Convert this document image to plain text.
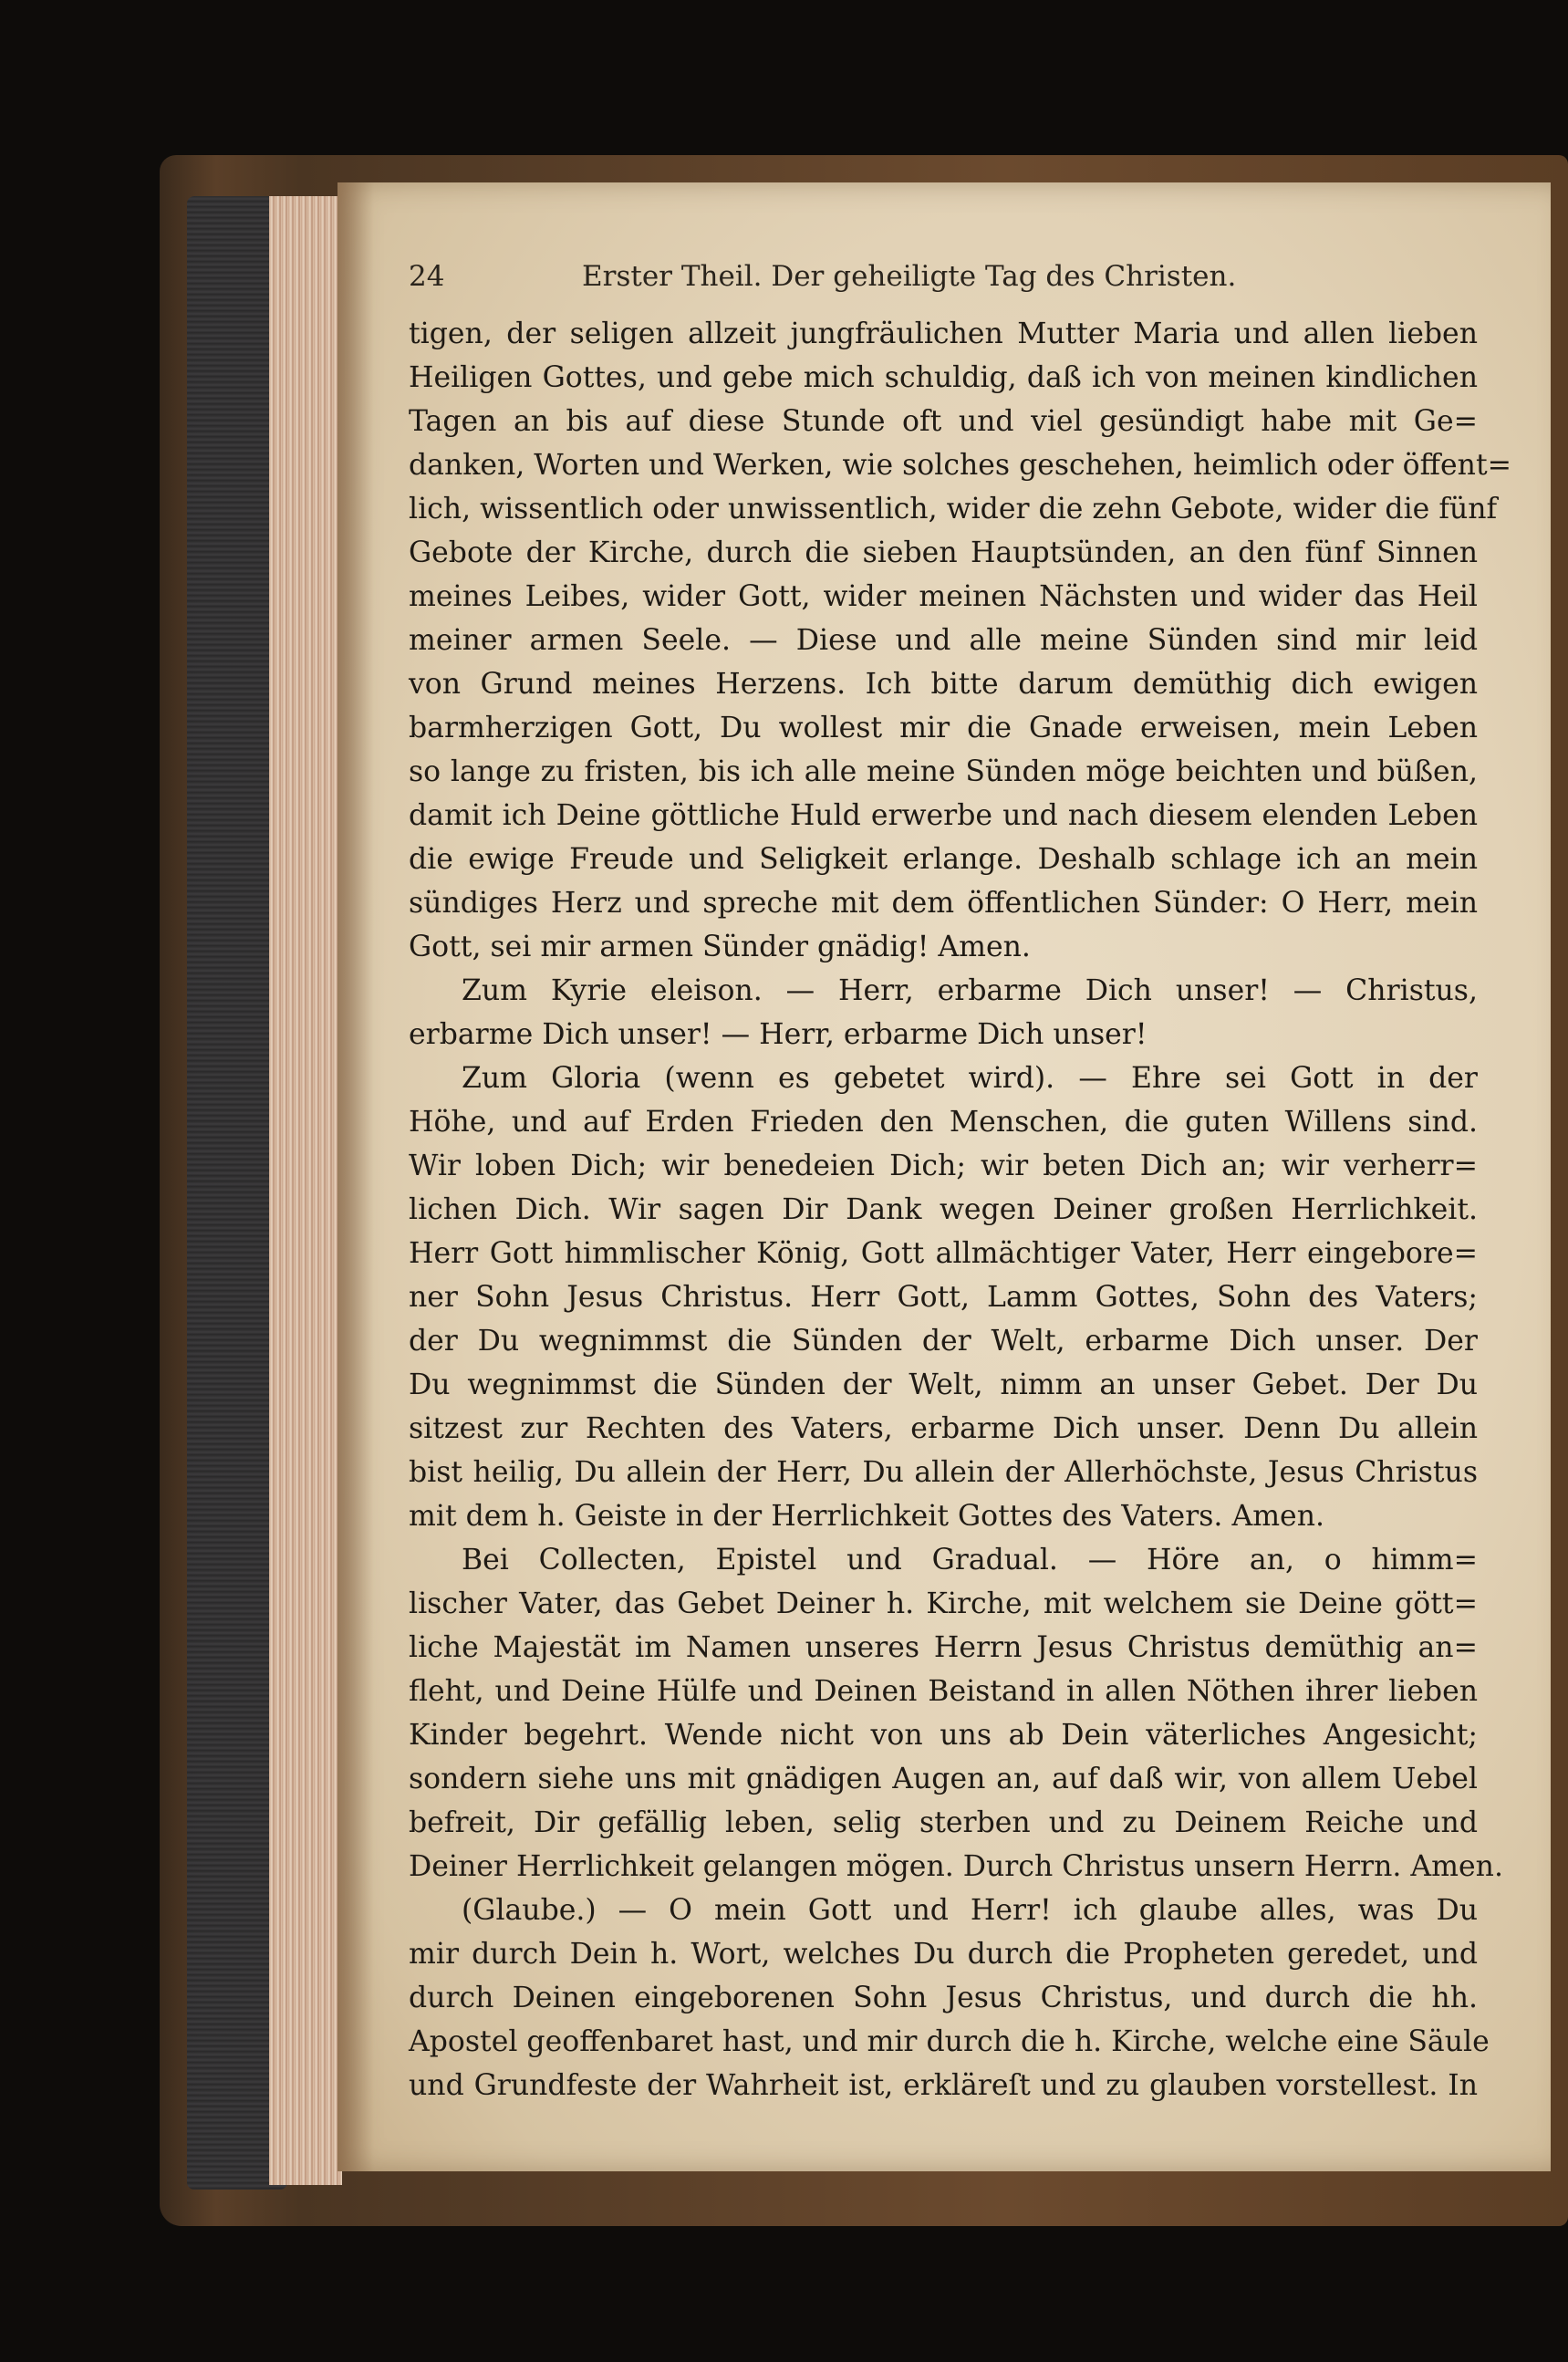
24	Erster Theil. Der geheiligte Tag des Christen.
tigen, der seligen allzeit jungfräulichen Mutter Maria und allen lieben
Heiligen Gottes, und gebe mich schuldig, daß ich von meinen kindlichen
Tagen an bis auf diese Stunde oft und viel gesündigt habe mit Ge=
danken, Worten und Werken, wie solches geschehen, heimlich oder öffent=
lich, wissentlich oder unwissentlich, wider die zehn Gebote, wider die fünf
Gebote der Kirche, durch die sieben Hauptsünden, an den fünf Sinnen
meines Leibes, wider Gott, wider meinen Nächsten und wider das Heil
meiner armen Seele. — Diese und alle meine Sünden sind mir leid
von Grund meines Herzens. Ich bitte darum demüthig dich ewigen
barmherzigen Gott, Du wollest mir die Gnade erweisen, mein Leben
so lange zu fristen, bis ich alle meine Sünden möge beichten und büßen,
damit ich Deine göttliche Huld erwerbe und nach diesem elenden Leben
die ewige Freude und Seligkeit erlange. Deshalb schlage ich an mein
sündiges Herz und spreche mit dem öffentlichen Sünder: O Herr, mein
Gott, sei mir armen Sünder gnädig! Amen.
Zum Kyrie eleison. — Herr, erbarme Dich unser! — Christus,
erbarme Dich unser! — Herr, erbarme Dich unser!
Zum Gloria (wenn es gebetet wird). — Ehre sei Gott in der
Höhe, und auf Erden Frieden den Menschen, die guten Willens sind.
Wir loben Dich; wir benedeien Dich; wir beten Dich an; wir verherr=
lichen Dich. Wir sagen Dir Dank wegen Deiner großen Herrlichkeit.
Herr Gott himmlischer König, Gott allmächtiger Vater, Herr eingebore=
ner Sohn Jesus Christus. Herr Gott, Lamm Gottes, Sohn des Vaters;
der Du wegnimmst die Sünden der Welt, erbarme Dich unser. Der
Du wegnimmst die Sünden der Welt, nimm an unser Gebet. Der Du
sitzest zur Rechten des Vaters, erbarme Dich unser. Denn Du allein
bist heilig, Du allein der Herr, Du allein der Allerhöchste, Jesus Christus
mit dem h. Geiste in der Herrlichkeit Gottes des Vaters. Amen.
Bei Collecten, Epistel und Gradual. — Höre an, o himm=
lischer Vater, das Gebet Deiner h. Kirche, mit welchem sie Deine gött=
liche Majestät im Namen unseres Herrn Jesus Christus demüthig an=
fleht, und Deine Hülfe und Deinen Beistand in allen Nöthen ihrer lieben
Kinder begehrt. Wende nicht von uns ab Dein väterliches Angesicht;
sondern siehe uns mit gnädigen Augen an, auf daß wir, von allem Uebel
befreit, Dir gefällig leben, selig sterben und zu Deinem Reiche und
Deiner Herrlichkeit gelangen mögen. Durch Christus unsern Herrn. Amen.
(Glaube.) — O mein Gott und Herr! ich glaube alles, was Du
mir durch Dein h. Wort, welches Du durch die Propheten geredet, und
durch Deinen eingeborenen Sohn Jesus Christus, und durch die hh.
Apostel geoffenbaret hast, und mir durch die h. Kirche, welche eine Säule
und Grundfeste der Wahrheit ist, erkläreſt und zu glauben vorstellest. In
